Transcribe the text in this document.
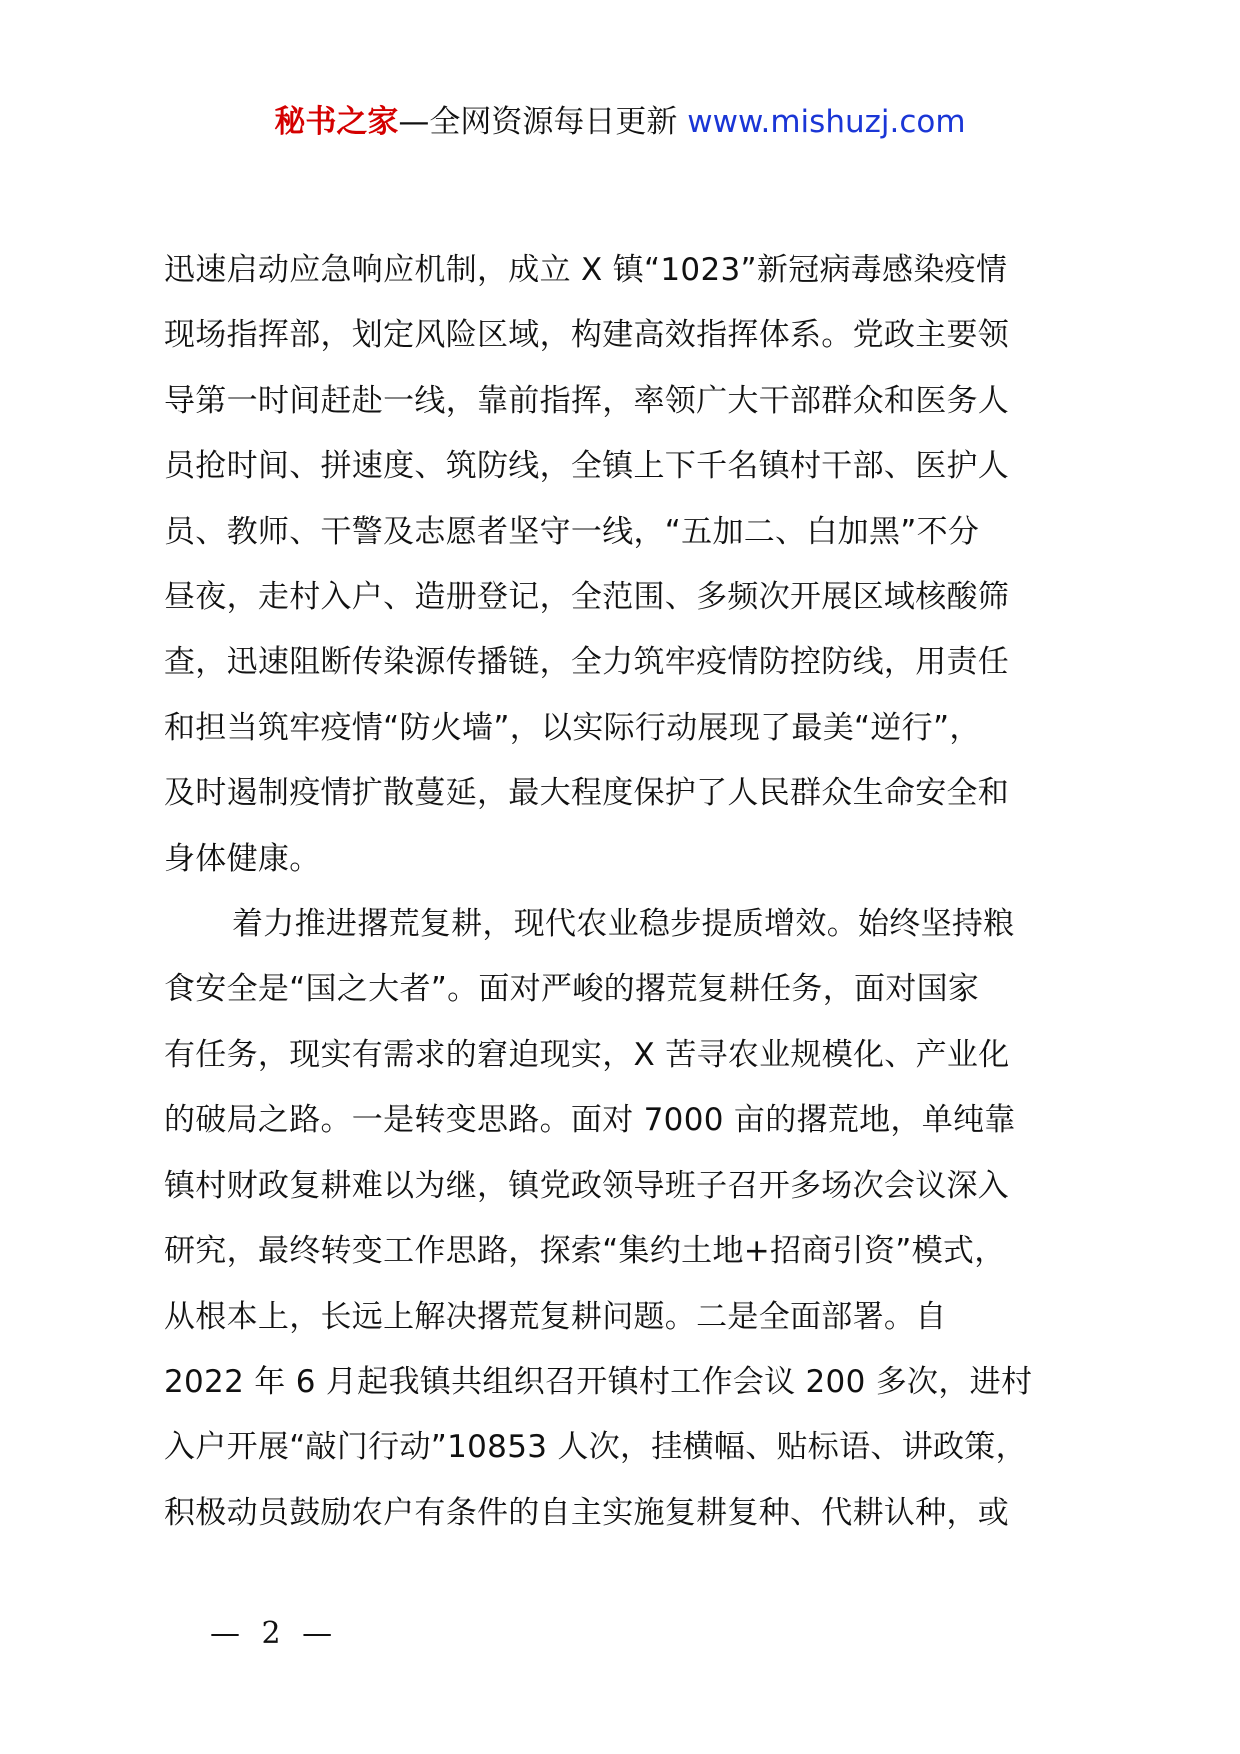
秘书之家—全网资源每日更新 www.mishuzj.com

迅速启动应急响应机制，成立 X 镇“1023”新冠病毒感染疫情
现场指挥部，划定风险区域，构建高效指挥体系。党政主要领
导第一时间赶赴一线，靠前指挥，率领广大干部群众和医务人
员抢时间、拼速度、筑防线，全镇上下千名镇村干部、医护人
员、教师、干警及志愿者坚守一线，“五加二、白加黑”不分
昼夜，走村入户、造册登记，全范围、多频次开展区域核酸筛
查，迅速阻断传染源传播链，全力筑牢疫情防控防线，用责任
和担当筑牢疫情“防火墙”，以实际行动展现了最美“逆行”，
及时遏制疫情扩散蔓延，最大程度保护了人民群众生命安全和
身体健康。

着力推进撂荒复耕，现代农业稳步提质增效。始终坚持粮
食安全是“国之大者”。面对严峻的撂荒复耕任务，面对国家
有任务，现实有需求的窘迫现实，X 苦寻农业规模化、产业化
的破局之路。一是转变思路。面对 7000 亩的撂荒地，单纯靠
镇村财政复耕难以为继，镇党政领导班子召开多场次会议深入
研究，最终转变工作思路，探索“集约土地+招商引资”模式，
从根本上，长远上解决撂荒复耕问题。二是全面部署。自
2022 年 6 月起我镇共组织召开镇村工作会议 200 多次，进村
入户开展“敲门行动”10853 人次，挂横幅、贴标语、讲政策，
积极动员鼓励农户有条件的自主实施复耕复种、代耕认种，或

— 2 —
